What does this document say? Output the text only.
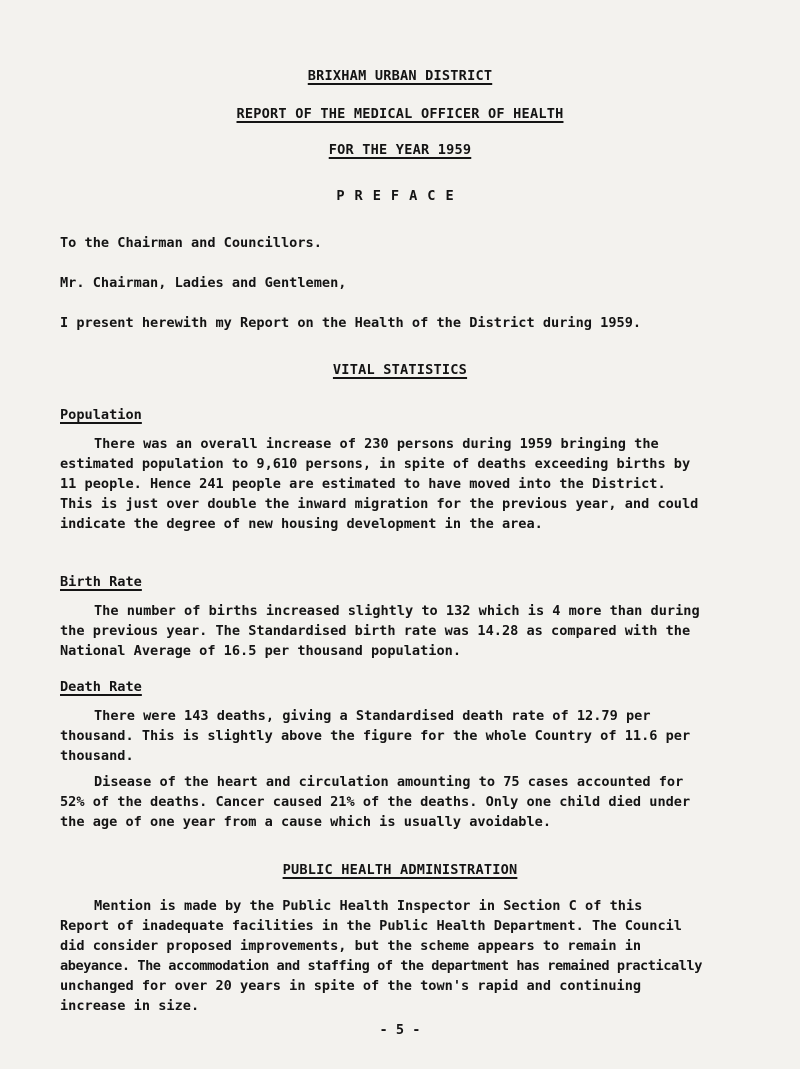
BRIXHAM URBAN DISTRICT
REPORT OF THE MEDICAL OFFICER OF HEALTH
FOR THE YEAR 1959
PREFACE
To the Chairman and Councillors.
Mr. Chairman, Ladies and Gentlemen,
I present herewith my Report on the Health of the District during 1959.
VITAL STATISTICS
Population
There was an overall increase of 230 persons during 1959 bringing the
estimated population to 9,610 persons, in spite of deaths exceeding births by
11 people. Hence 241 people are estimated to have moved into the District.
This is just over double the inward migration for the previous year, and could
indicate the degree of new housing development in the area.
Birth Rate
The number of births increased slightly to 132 which is 4 more than during
the previous year. The Standardised birth rate was 14.28 as compared with the
National Average of 16.5 per thousand population.
Death Rate
There were 143 deaths, giving a Standardised death rate of 12.79 per
thousand. This is slightly above the figure for the whole Country of 11.6 per
thousand.
Disease of the heart and circulation amounting to 75 cases accounted for
52% of the deaths. Cancer caused 21% of the deaths. Only one child died under
the age of one year from a cause which is usually avoidable.
PUBLIC HEALTH ADMINISTRATION
Mention is made by the Public Health Inspector in Section C of this
Report of inadequate facilities in the Public Health Department. The Council
did consider proposed improvements, but the scheme appears to remain in
abeyance. The accommodation and staffing of the department has remained practically
unchanged for over 20 years in spite of the town's rapid and continuing
increase in size.
- 5 -
